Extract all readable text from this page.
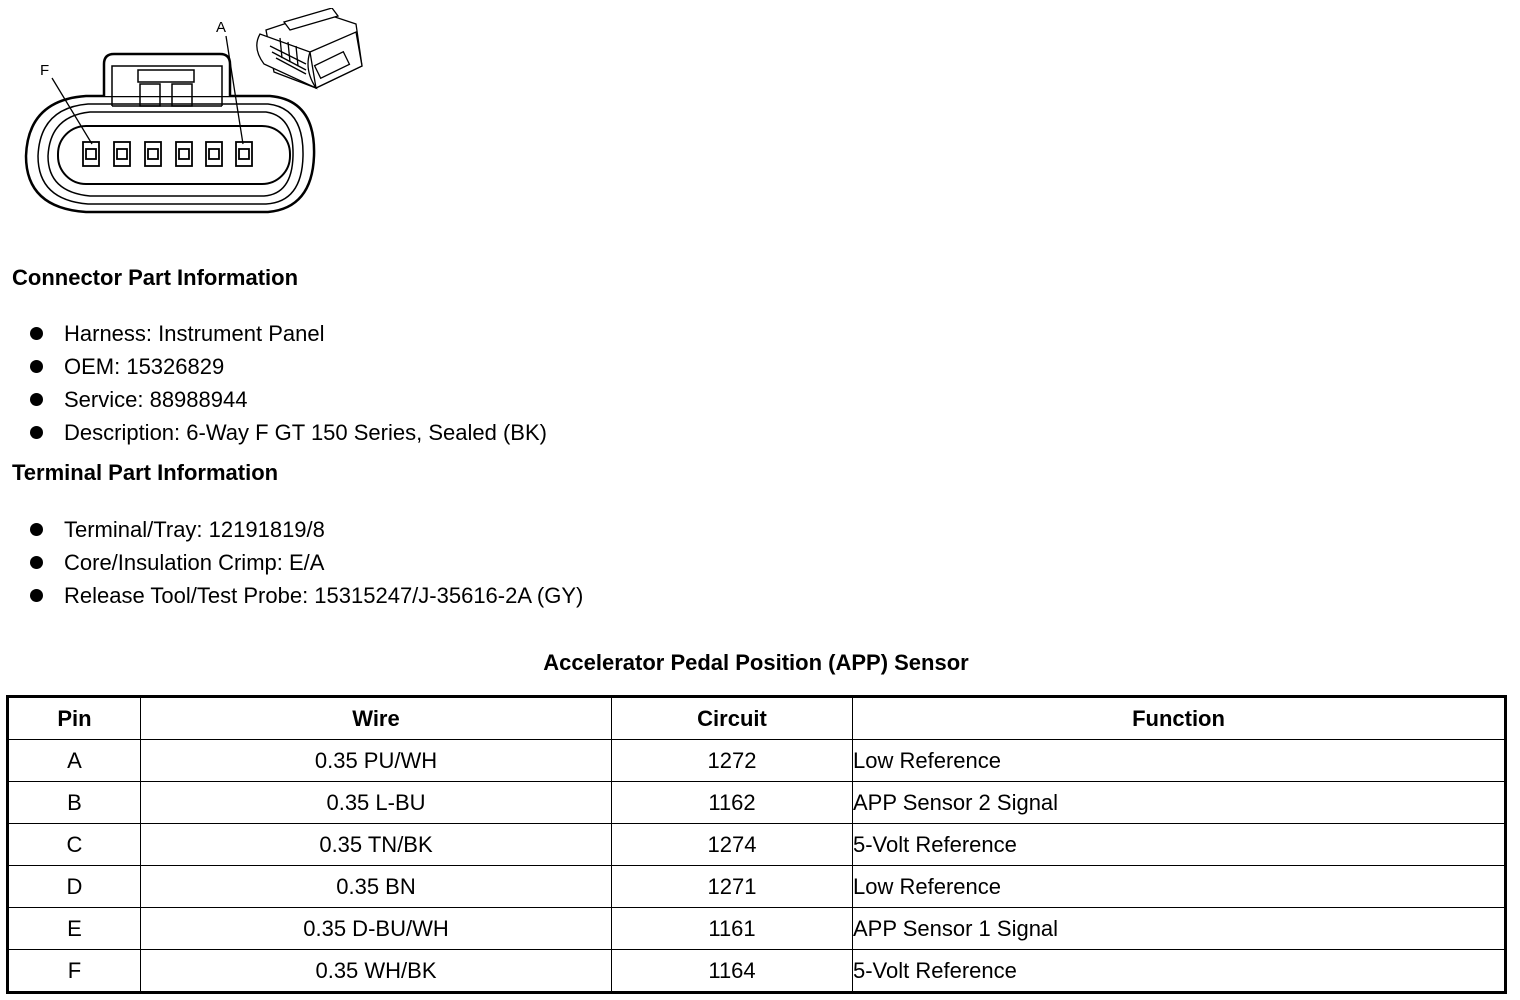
F
A
Connector Part Information
Harness: Instrument Panel
OEM: 15326829
Service: 88988944
Description: 6-Way F GT 150 Series, Sealed (BK)
Terminal Part Information
Terminal/Tray: 12191819/8
Core/Insulation Crimp: E/A
Release Tool/Test Probe: 15315247/J-35616-2A (GY)
Accelerator Pedal Position (APP) Sensor
Pin	Wire	Circuit	Function
A	0.35 PU/WH	1272	Low Reference
B	0.35 L-BU	1162	APP Sensor 2 Signal
C	0.35 TN/BK	1274	5-Volt Reference
D	0.35 BN	1271	Low Reference
E	0.35 D-BU/WH	1161	APP Sensor 1 Signal
F	0.35 WH/BK	1164	5-Volt Reference
